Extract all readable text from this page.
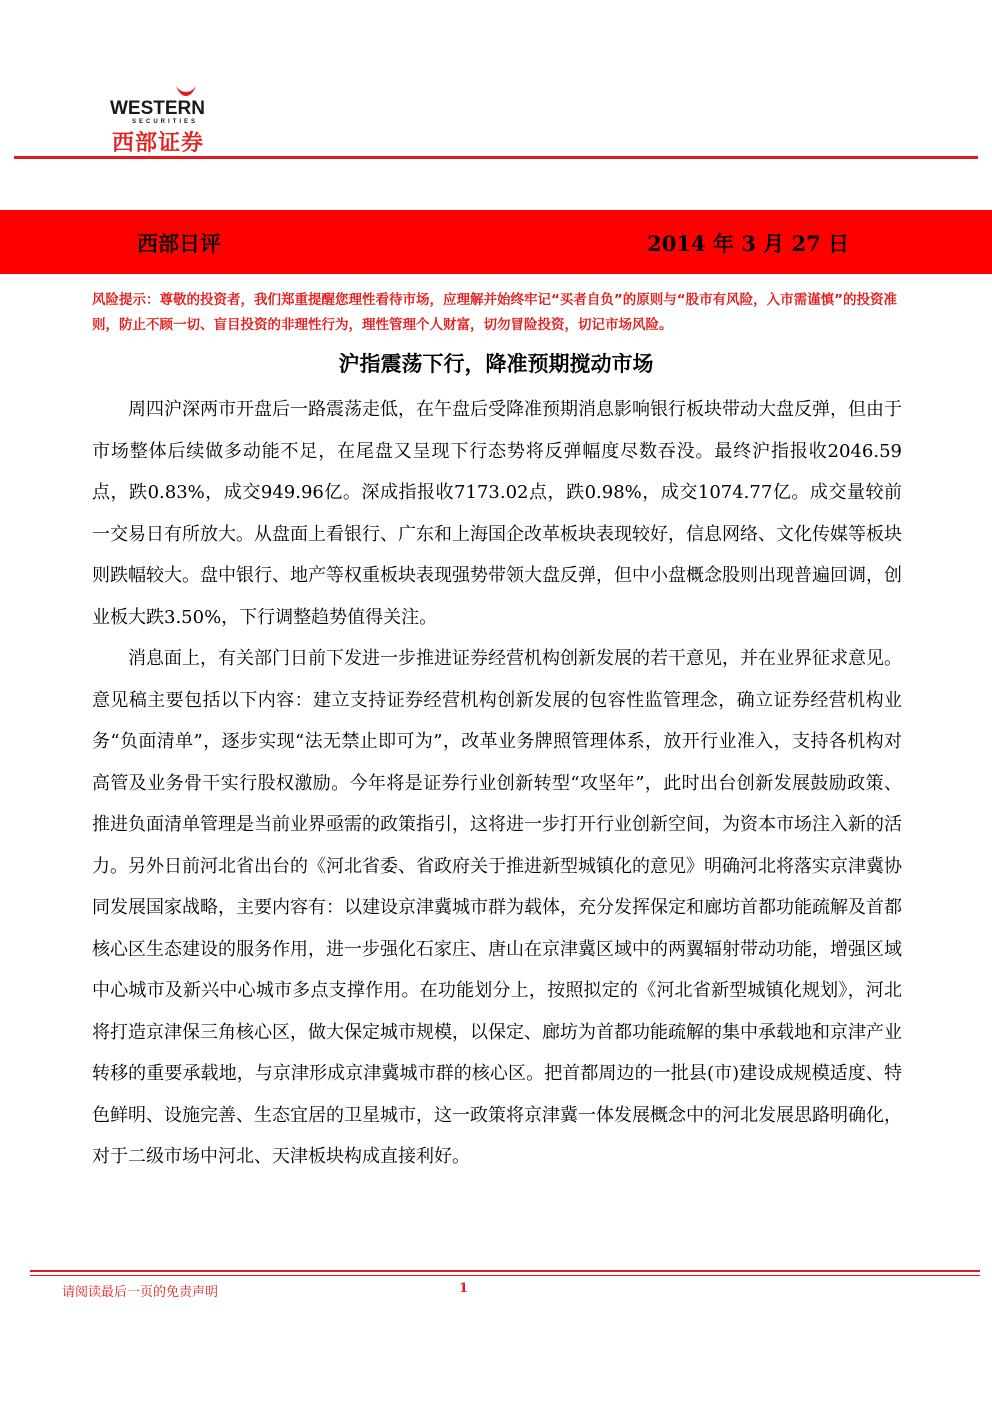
WESTERN
SECURITIES
西部证券
西部日评	2014 年 3 月 27 日

风险提示：尊敬的投资者，我们郑重提醒您理性看待市场，应理解并始终牢记“买者自负”的原则与“股市有风险，入市需谨慎”的投资准则，防止不顾一切、盲目投资的非理性行为，理性管理个人财富，切勿冒险投资，切记市场风险。

沪指震荡下行，降准预期搅动市场

周四沪深两市开盘后一路震荡走低，在午盘后受降准预期消息影响银行板块带动大盘反弹，但由于市场整体后续做多动能不足，在尾盘又呈现下行态势将反弹幅度尽数吞没。最终沪指报收2046.59点，跌0.83%，成交949.96亿。深成指报收7173.02点，跌0.98%，成交1074.77亿。成交量较前一交易日有所放大。从盘面上看银行、广东和上海国企改革板块表现较好，信息网络、文化传媒等板块则跌幅较大。盘中银行、地产等权重板块表现强势带领大盘反弹，但中小盘概念股则出现普遍回调，创业板大跌3.50%，下行调整趋势值得关注。

消息面上，有关部门日前下发进一步推进证券经营机构创新发展的若干意见，并在业界征求意见。意见稿主要包括以下内容：建立支持证券经营机构创新发展的包容性监管理念，确立证券经营机构业务“负面清单”，逐步实现“法无禁止即可为”，改革业务牌照管理体系，放开行业准入，支持各机构对高管及业务骨干实行股权激励。今年将是证券行业创新转型“攻坚年”，此时出台创新发展鼓励政策、推进负面清单管理是当前业界亟需的政策指引，这将进一步打开行业创新空间，为资本市场注入新的活力。另外日前河北省出台的《河北省委、省政府关于推进新型城镇化的意见》明确河北将落实京津冀协同发展国家战略，主要内容有：以建设京津冀城市群为载体，充分发挥保定和廊坊首都功能疏解及首都核心区生态建设的服务作用，进一步强化石家庄、唐山在京津冀区域中的两翼辐射带动功能，增强区域中心城市及新兴中心城市多点支撑作用。在功能划分上，按照拟定的《河北省新型城镇化规划》，河北将打造京津保三角核心区，做大保定城市规模，以保定、廊坊为首都功能疏解的集中承载地和京津产业转移的重要承载地，与京津形成京津冀城市群的核心区。把首都周边的一批县(市)建设成规模适度、特色鲜明、设施完善、生态宜居的卫星城市，这一政策将京津冀一体发展概念中的河北发展思路明确化，对于二级市场中河北、天津板块构成直接利好。

请阅读最后一页的免责声明	1
